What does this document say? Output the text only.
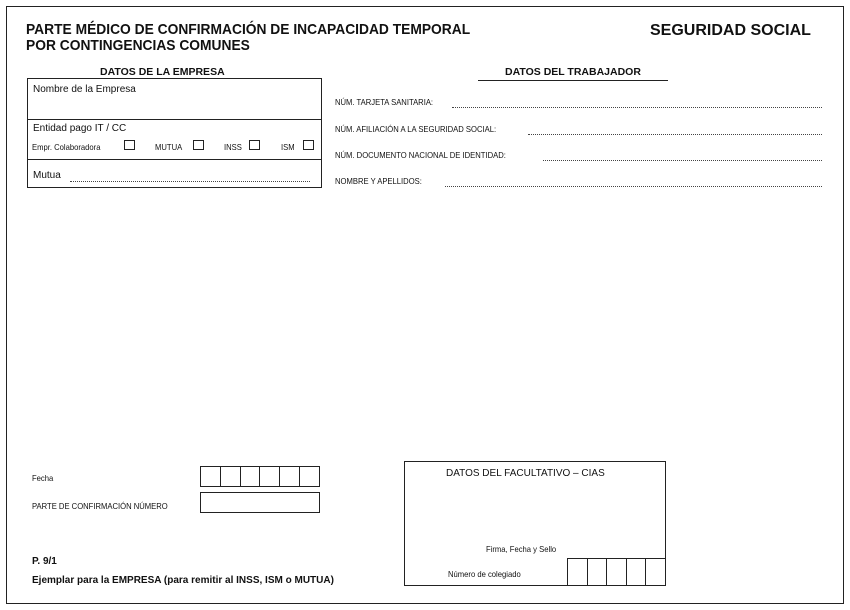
PARTE MÉDICO DE CONFIRMACIÓN DE INCAPACIDAD TEMPORAL
POR CONTINGENCIAS COMUNES
SEGURIDAD SOCIAL
DATOS DE LA EMPRESA
Nombre de la Empresa
Entidad pago IT / CC
Empr. Colaboradora	MUTUA	INSS	ISM
Mutua
DATOS DEL TRABAJADOR
NÚM. TARJETA SANITARIA:
NÚM. AFILIACIÓN A LA SEGURIDAD SOCIAL:
NÚM. DOCUMENTO NACIONAL DE IDENTIDAD:
NOMBRE Y APELLIDOS:
Fecha
PARTE DE CONFIRMACIÓN NÚMERO
P. 9/1
Ejemplar para la EMPRESA (para remitir al INSS, ISM o MUTUA)
DATOS DEL FACULTATIVO – CIAS
Firma, Fecha y Sello
Número de colegiado
